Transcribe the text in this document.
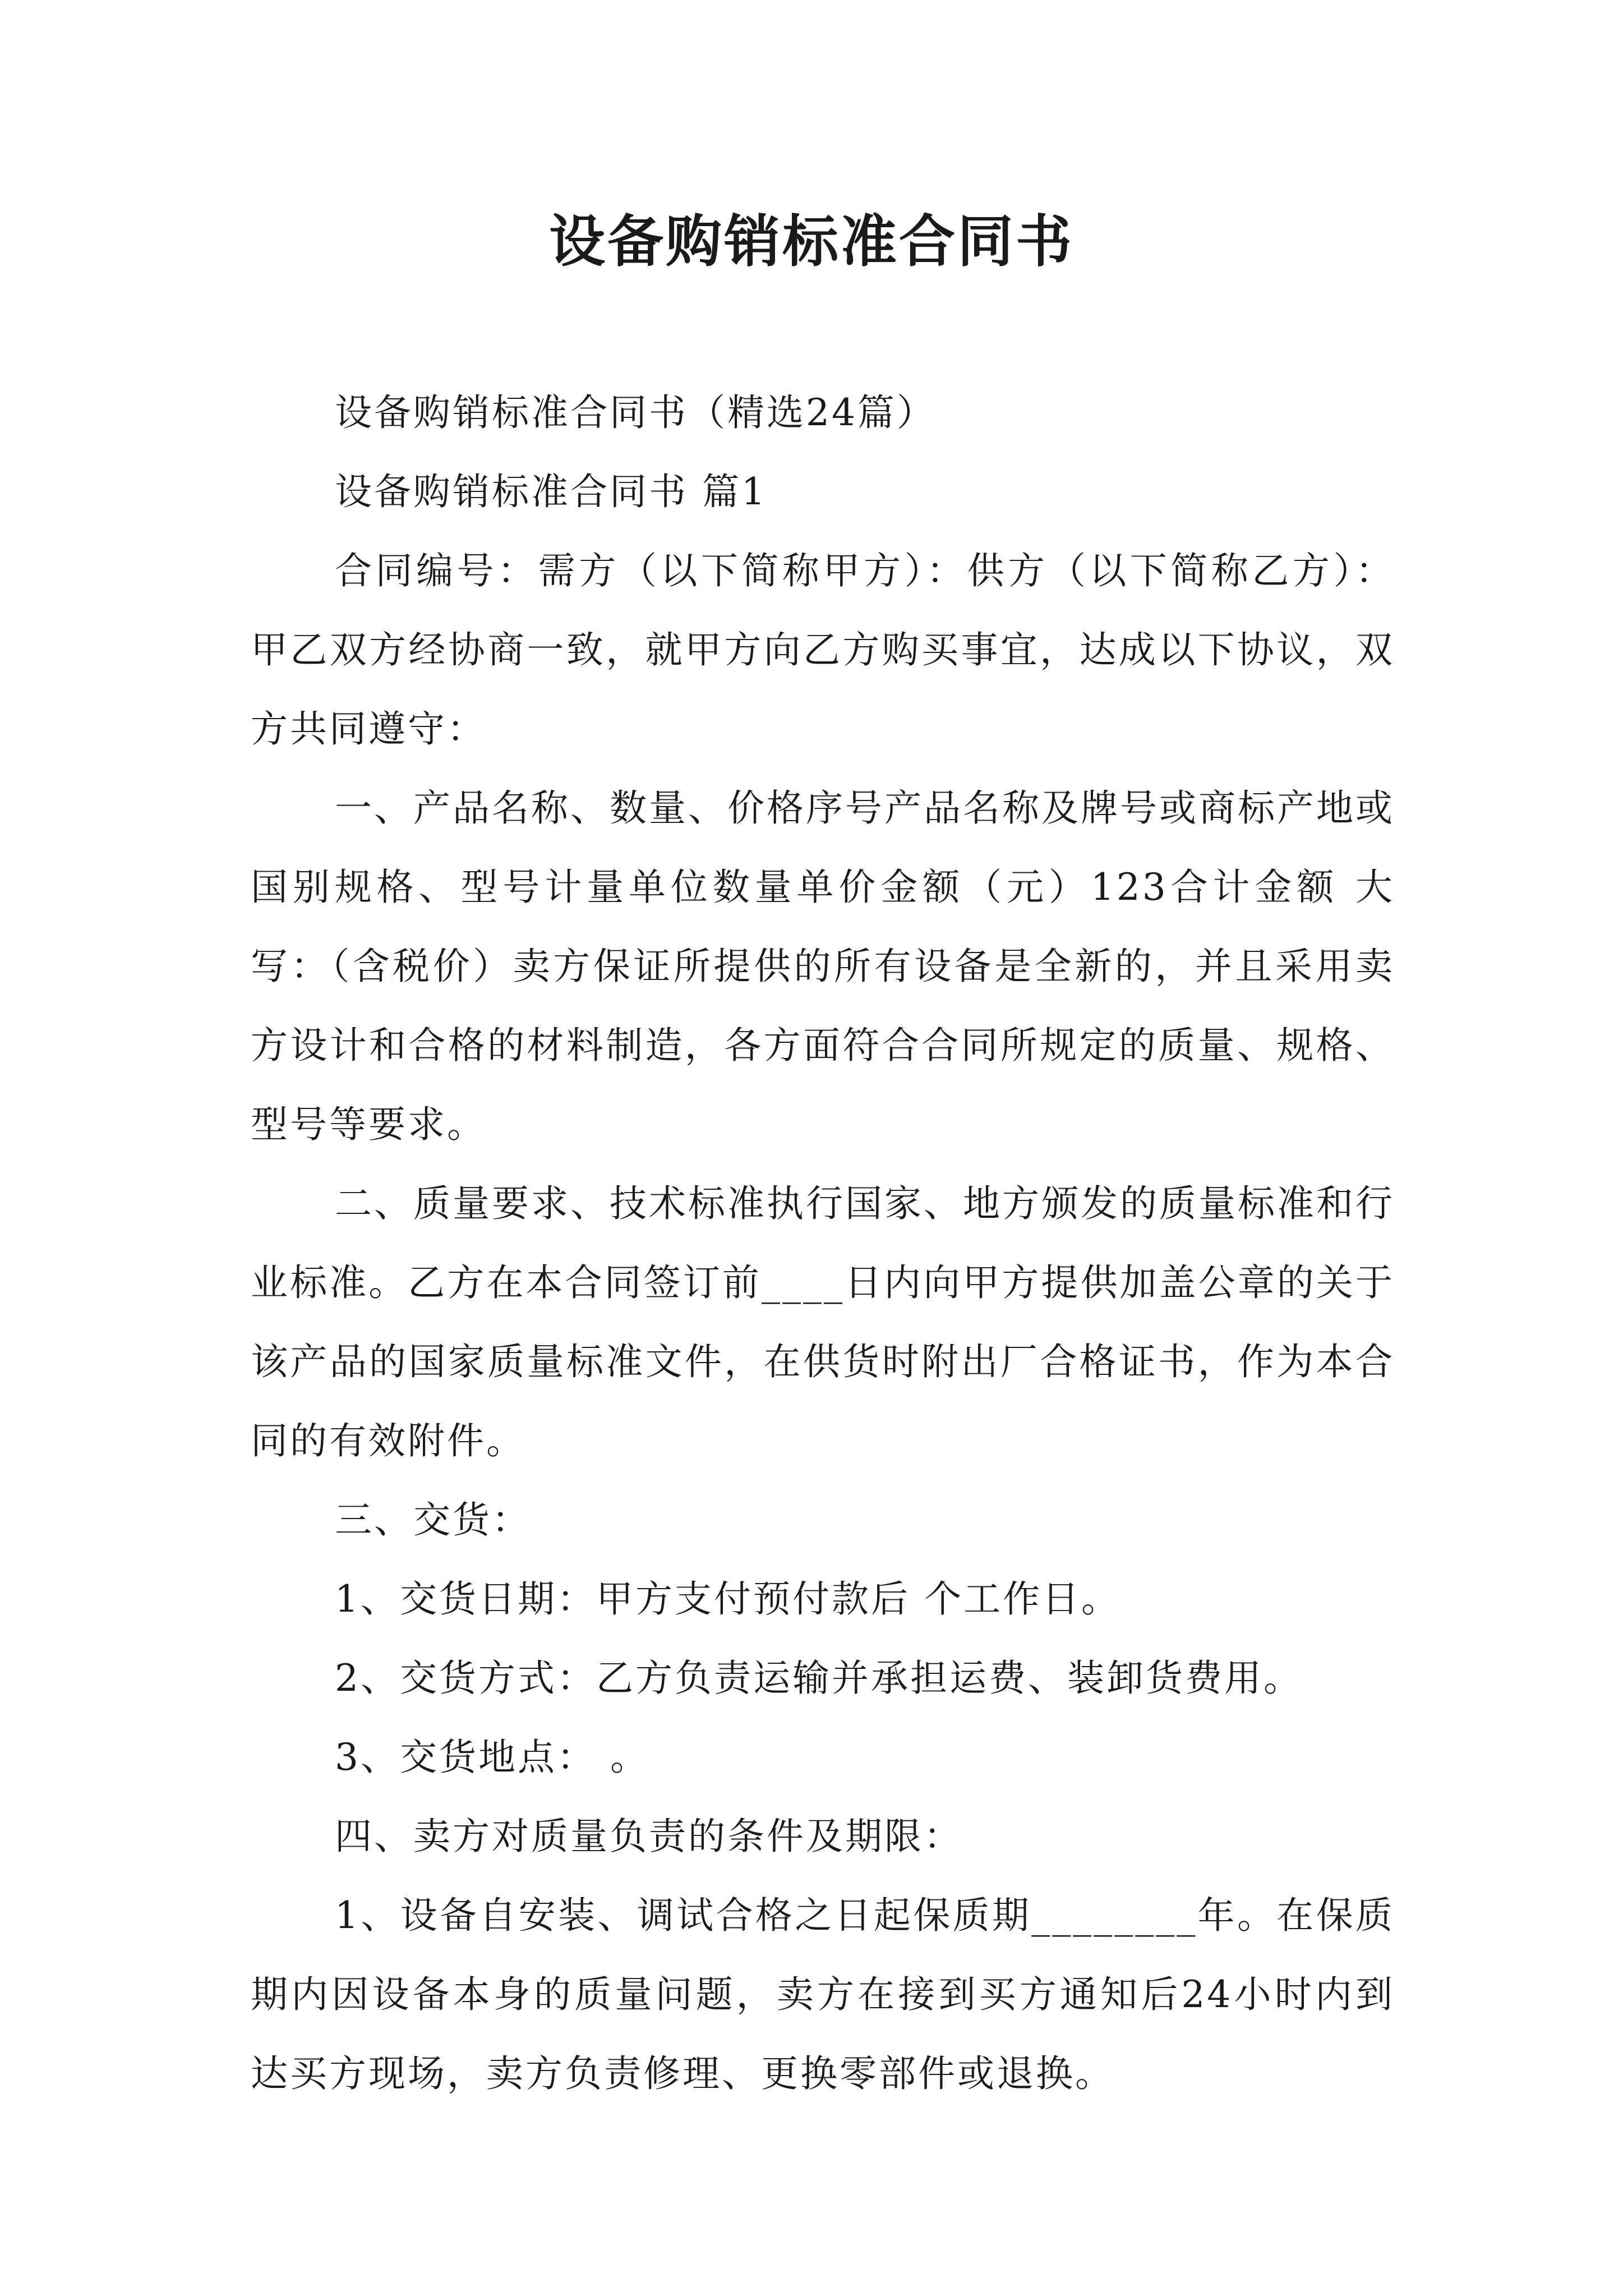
设备购销标准合同书

设备购销标准合同书（精选24篇）

设备购销标准合同书 篇1

合同编号：需方（以下简称甲方）：供方（以下简称乙方）：甲乙双方经协商一致，就甲方向乙方购买事宜，达成以下协议，双方共同遵守：

一、产品名称、数量、价格序号产品名称及牌号或商标产地或国别规格、型号计量单位数量单价金额（元）123合计金额 大写：（含税价）卖方保证所提供的所有设备是全新的，并且采用卖方设计和合格的材料制造，各方面符合合同所规定的质量、规格、型号等要求。

二、质量要求、技术标准执行国家、地方颁发的质量标准和行业标准。乙方在本合同签订前____日内向甲方提供加盖公章的关于该产品的国家质量标准文件，在供货时附出厂合格证书，作为本合同的有效附件。

三、交货：

1、交货日期：甲方支付预付款后 个工作日。

2、交货方式：乙方负责运输并承担运费、装卸货费用。

3、交货地点： 。

四、卖方对质量负责的条件及期限：

1、设备自安装、调试合格之日起保质期________年。在保质期内因设备本身的质量问题，卖方在接到买方通知后24小时内到达买方现场，卖方负责修理、更换零部件或退换。
